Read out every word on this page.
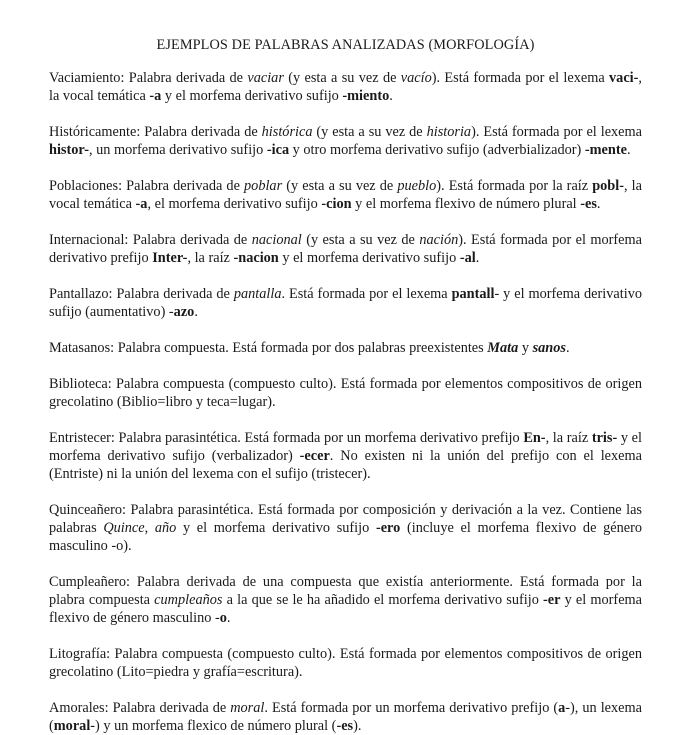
EJEMPLOS DE PALABRAS ANALIZADAS (MORFOLOGÍA)

Vaciamiento: Palabra derivada de vaciar (y esta a su vez de vacío). Está formada por el lexema vaci-, la vocal temática -a y el morfema derivativo sufijo -miento.

Históricamente: Palabra derivada de histórica (y esta a su vez de historia). Está formada por el lexema histor-, un morfema derivativo sufijo -ica y otro morfema derivativo sufijo (adverbializador) -mente.

Poblaciones: Palabra derivada de poblar (y esta a su vez de pueblo). Está formada por la raíz pobl-, la vocal temática -a, el morfema derivativo sufijo -cion y el morfema flexivo de número plural -es.

Internacional: Palabra derivada de nacional (y esta a su vez de nación). Está formada por el morfema derivativo prefijo Inter-, la raíz -nacion y el morfema derivativo sufijo -al.

Pantallazo: Palabra derivada de pantalla. Está formada por el lexema pantall- y el morfema derivativo sufijo (aumentativo) -azo.

Matasanos: Palabra compuesta. Está formada por dos palabras preexistentes Mata y sanos.

Biblioteca: Palabra compuesta (compuesto culto). Está formada por elementos compositivos de origen grecolatino (Biblio=libro y teca=lugar).

Entristecer: Palabra parasintética. Está formada por un morfema derivativo prefijo En-, la raíz tris- y el morfema derivativo sufijo (verbalizador) -ecer. No existen ni la unión del prefijo con el lexema (Entriste) ni la unión del lexema con el sufijo (tristecer).

Quinceañero: Palabra parasintética. Está formada por composición y derivación a la vez. Contiene las palabras Quince, año y el morfema derivativo sufijo -ero (incluye el morfema flexivo de género masculino -o).

Cumpleañero: Palabra derivada de una compuesta que existía anteriormente. Está formada por la plabra compuesta cumpleaños a la que se le ha añadido el morfema derivativo sufijo -er y el morfema flexivo de género masculino -o.

Litografía: Palabra compuesta (compuesto culto). Está formada por elementos compositivos de origen grecolatino (Lito=piedra y grafía=escritura).

Amorales: Palabra derivada de moral. Está formada por un morfema derivativo prefijo (a-), un lexema (moral-) y un morfema flexico de número plural (-es).
